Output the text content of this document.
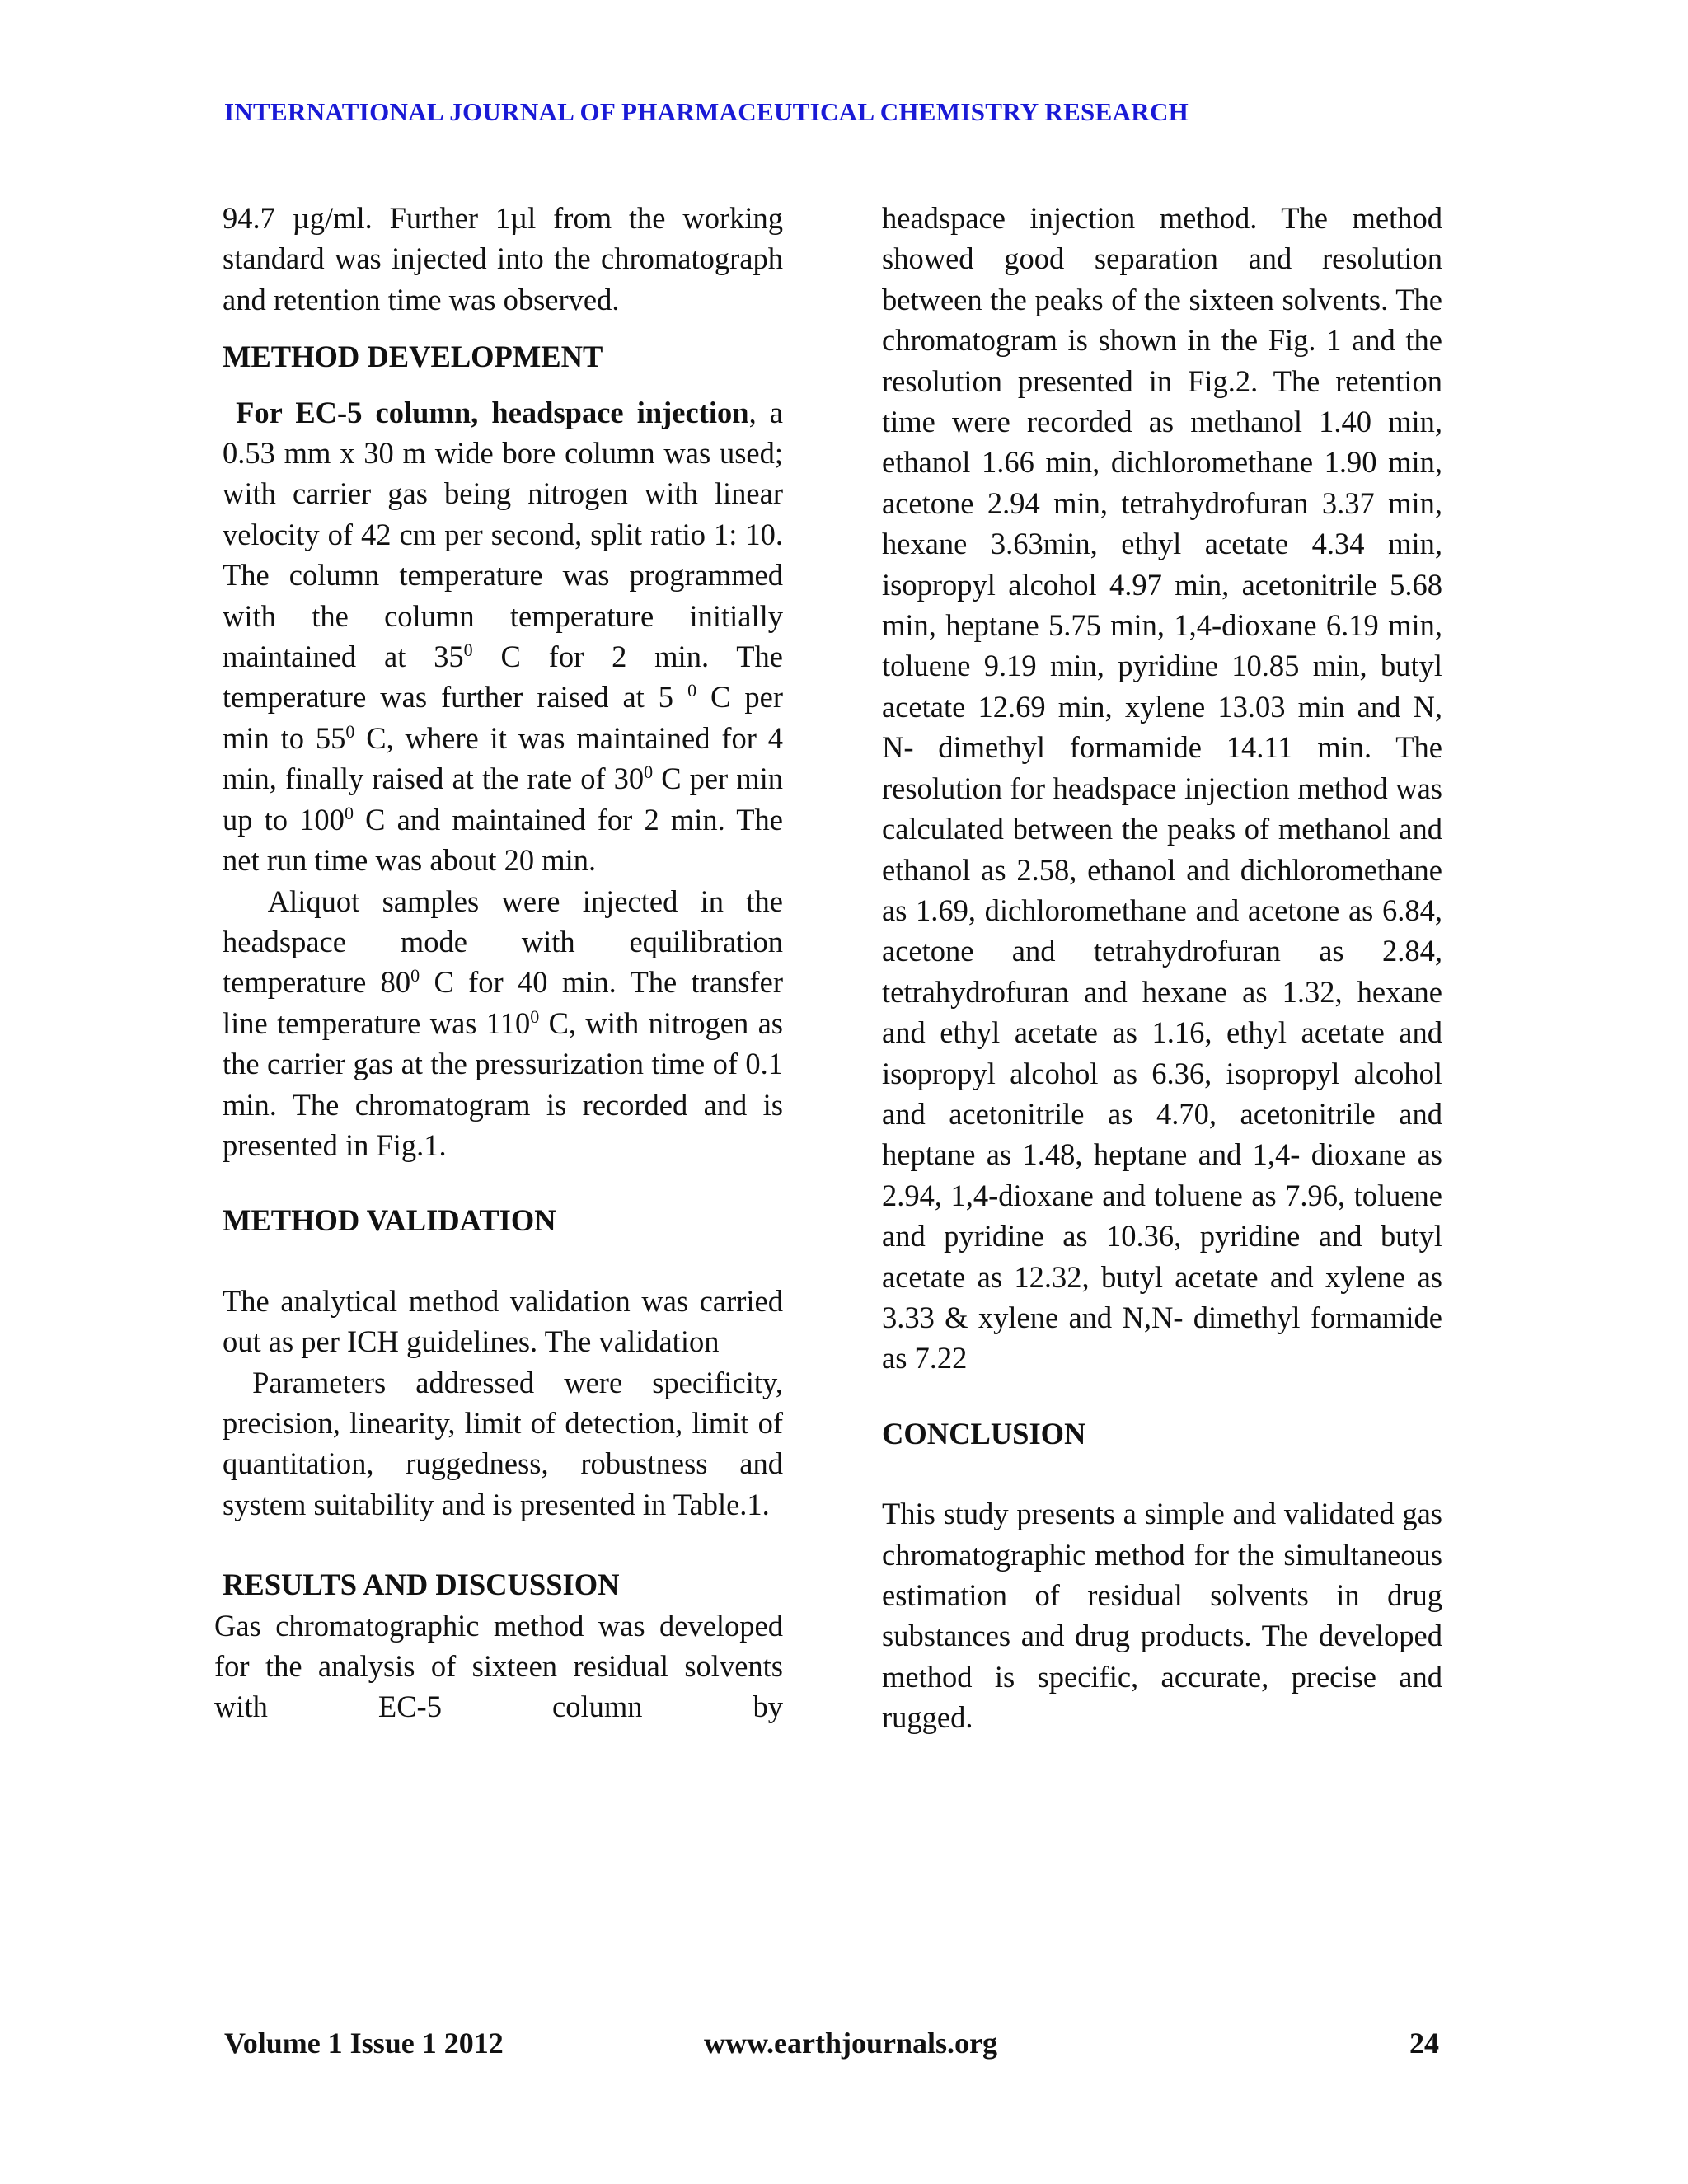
INTERNATIONAL JOURNAL OF PHARMACEUTICAL CHEMISTRY RESEARCH

94.7 µg/ml. Further 1µl from the working standard was injected into the chromatograph and retention time was observed.

METHOD DEVELOPMENT

For EC-5 column, headspace injection, a 0.53 mm x 30 m wide bore column was used; with carrier gas being nitrogen with linear velocity of 42 cm per second, split ratio 1: 10. The column temperature was programmed with the column temperature initially maintained at $35^0$ C for 2 min. The temperature was further raised at 5 $^0$ C per min to $55^0$ C, where it was maintained for 4 min, finally raised at the rate of $30^0$ C per min up to $100^0$ C and maintained for 2 min. The net run time was about 20 min.

Aliquot samples were injected in the headspace mode with equilibration temperature $80^0$ C for 40 min. The transfer line temperature was $110^0$ C, with nitrogen as the carrier gas at the pressurization time of 0.1 min. The chromatogram is recorded and is presented in Fig.1.

METHOD VALIDATION

The analytical method validation was carried out as per ICH guidelines. The validation

Parameters addressed were specificity, precision, linearity, limit of detection, limit of quantitation, ruggedness, robustness and system suitability and is presented in Table.1.

RESULTS AND DISCUSSION

Gas chromatographic method was developed for the analysis of sixteen residual solvents with EC-5 column by

headspace injection method. The method showed good separation and resolution between the peaks of the sixteen solvents. The chromatogram is shown in the Fig. 1 and the resolution presented in Fig.2. The retention time were recorded as methanol 1.40 min, ethanol 1.66 min, dichloromethane 1.90 min, acetone 2.94 min, tetrahydrofuran 3.37 min, hexane 3.63min, ethyl acetate 4.34 min, isopropyl alcohol 4.97 min, acetonitrile 5.68 min, heptane 5.75 min, 1,4-dioxane 6.19 min, toluene 9.19 min, pyridine 10.85 min, butyl acetate 12.69 min, xylene 13.03 min and N, N- dimethyl formamide 14.11 min. The resolution for headspace injection method was calculated between the peaks of methanol and ethanol as 2.58, ethanol and dichloromethane as 1.69, dichloromethane and acetone as 6.84, acetone and tetrahydrofuran as 2.84, tetrahydrofuran and hexane as 1.32, hexane and ethyl acetate as 1.16, ethyl acetate and isopropyl alcohol as 6.36, isopropyl alcohol and acetonitrile as 4.70, acetonitrile and heptane as 1.48, heptane and 1,4- dioxane as 2.94, 1,4-dioxane and toluene as 7.96, toluene and pyridine as 10.36, pyridine and butyl acetate as 12.32, butyl acetate and xylene as 3.33 & xylene and N,N- dimethyl formamide as 7.22

CONCLUSION

This study presents a simple and validated gas chromatographic method for the simultaneous estimation of residual solvents in drug substances and drug products. The developed method is specific, accurate, precise and rugged.

Volume 1 Issue 1 2012	www.earthjournals.org	24
